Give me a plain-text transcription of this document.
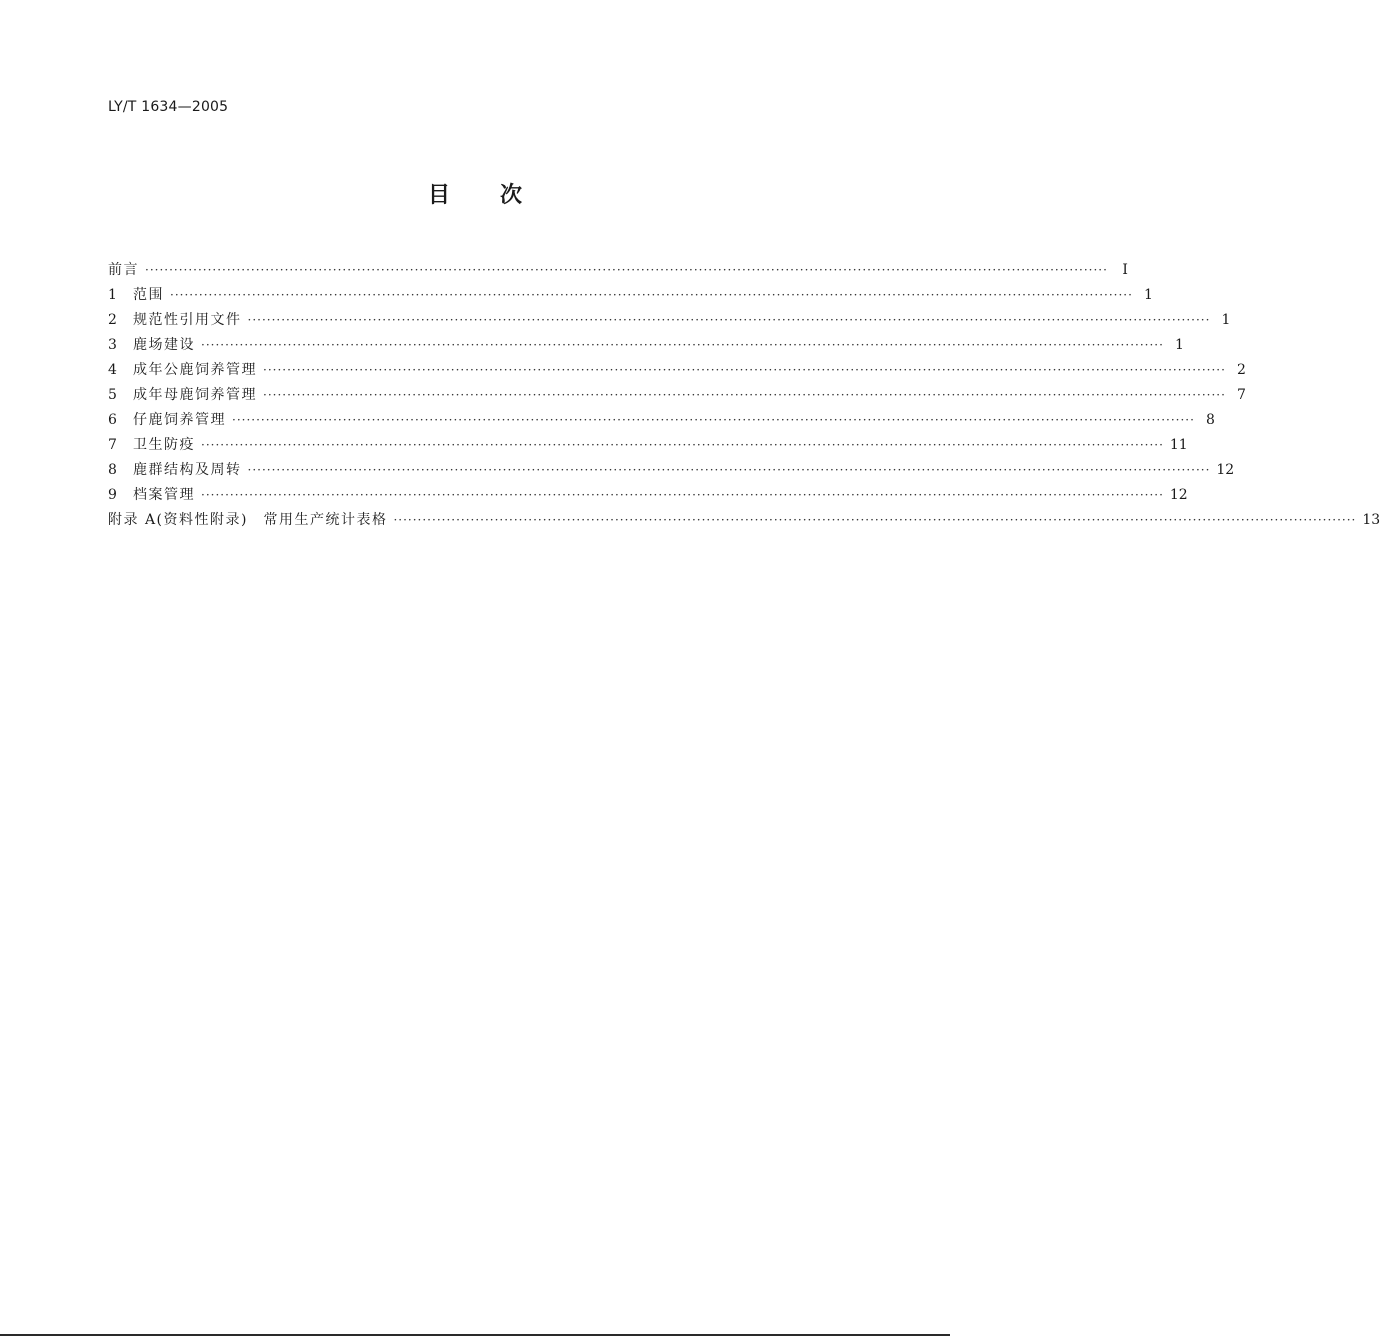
LY/T 1634—2005
目 次
前言 ········································································································································································································	Ⅰ
1	范围 ········································································································································································································ 1
2	规范性引用文件 ········································································································································································································ 1
3	鹿场建设 ········································································································································································································ 1
4	成年公鹿饲养管理 ········································································································································································································ 2
5	成年母鹿饲养管理 ········································································································································································································ 7
6	仔鹿饲养管理 ········································································································································································································ 8
7	卫生防疫 ········································································································································································································ 11
8	鹿群结构及周转 ········································································································································································································ 12
9	档案管理 ········································································································································································································ 12
附录 A(资料性附录)　常用生产统计表格 ········································································································································································································ 13
